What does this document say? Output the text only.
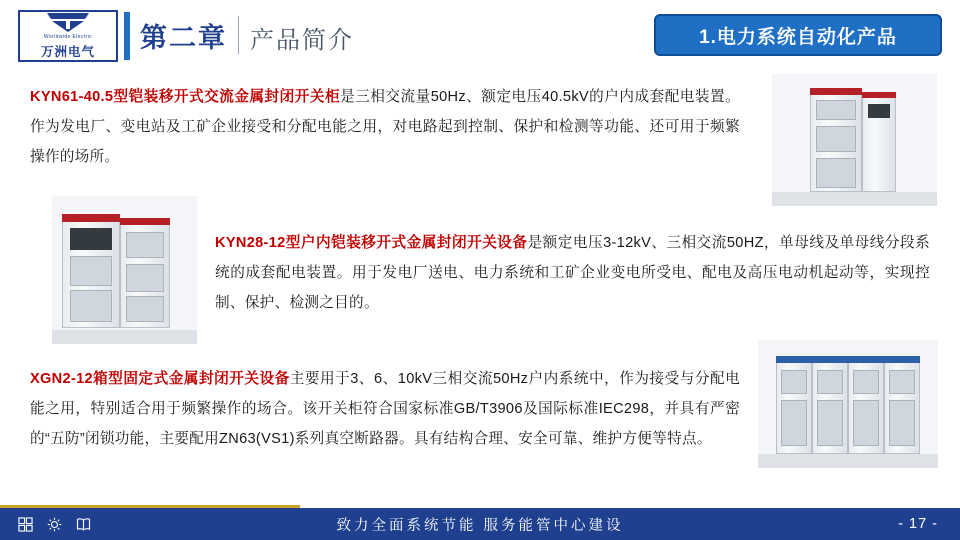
Worldwide Electric
万洲电气 第二章 产品简介	1.电力系统自动化产品
KYN61-40.5型铠装移开式交流金属封闭开关柜是三相交流量50Hz、额定电压40.5kV的户内成套配电装置。作为发电厂、变电站及工矿企业接受和分配电能之用，对电路起到控制、保护和检测等功能、还可用于频繁操作的场所。
KYN28-12型户内铠装移开式金属封闭开关设备是额定电压3-12kV、三相交流50HZ，单母线及单母线分段系统的成套配电装置。用于发电厂送电、电力系统和工矿企业变电所受电、配电及高压电动机起动等，实现控制、保护、检测之目的。
XGN2-12箱型固定式金属封闭开关设备主要用于3、6、10kV三相交流50Hz户内系统中，作为接受与分配电能之用，特别适合用于频繁操作的场合。该开关柜符合国家标准GB/T3906及国际标准IEC298，并具有严密的“五防”闭锁功能，主要配用ZN63(VS1)系列真空断路器。具有结构合理、安全可靠、维护方便等特点。
致力全面系统节能 服务能管中心建设	- 17 -
